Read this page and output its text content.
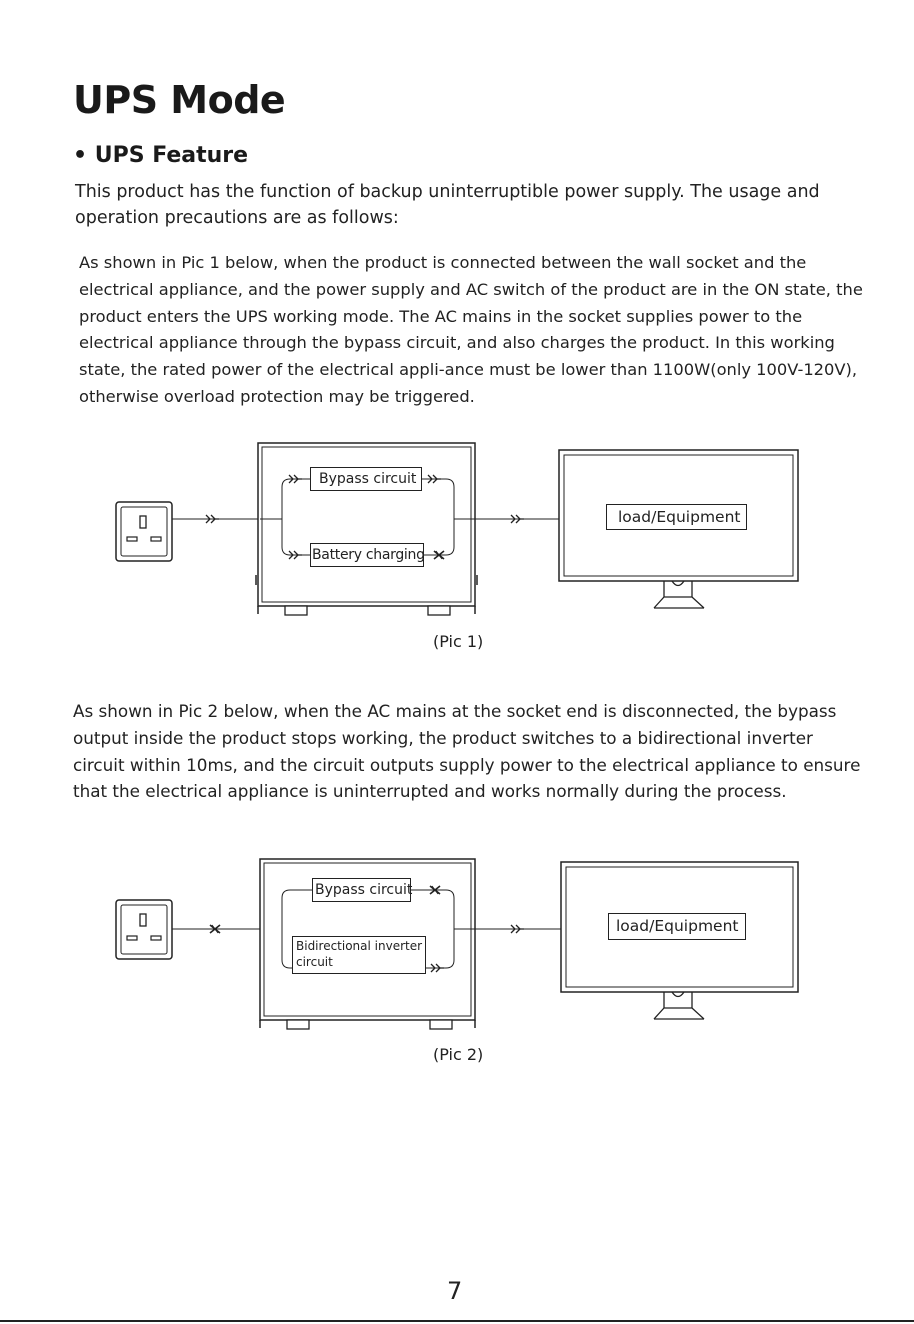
UPS Mode
• UPS Feature

This product has the function of backup uninterruptible power supply. The usage and operation precautions are as follows:

As shown in Pic 1 below, when the product is connected between the wall socket and the electrical appliance, and the power supply and AC switch of the product are in the ON state, the product enters the UPS working mode. The AC mains in the socket supplies power to the electrical appliance through the bypass circuit, and also charges the product. In this working state, the rated power of the electrical appli-ance must be lower than 1100W(only 100V-120V), otherwise overload protection may be triggered.

Bypass circuit
Battery charging
load/Equipment
(Pic 1)

As shown in Pic 2 below, when the AC mains at the socket end is disconnected, the bypass output inside the product stops working, the product switches to a bidirectional inverter circuit within 10ms, and the circuit outputs supply power to the electrical appliance to ensure that the electrical appliance is uninterrupted and works normally during the process.

Bypass circuit
Bidirectional inverter
circuit
load/Equipment
(Pic 2)
7
